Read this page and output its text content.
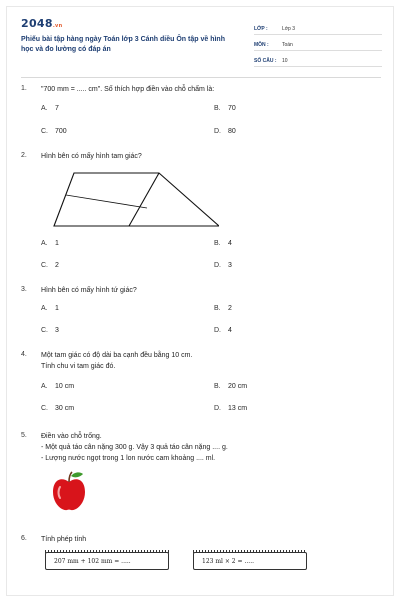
2048.vn
Phiếu bài tập hàng ngày Toán lớp 3 Cánh diều Ôn tập về hình học và đo lường có đáp án
LỚP :	Lớp 3
MÔN :	Toán
SỐ CÂU :	10
1. "700 mm = ..... cm". Số thích hợp điền vào chỗ chấm là:
A. 7	B. 70
C. 700	D. 80
2. Hình bên có mấy hình tam giác?
A. 1	B. 4
C. 2	D. 3
3. Hình bên có mấy hình tứ giác?
A. 1	B. 2
C. 3	D. 4
4. Một tam giác có độ dài ba cạnh đều bằng 10 cm.
Tính chu vi tam giác đó.
A. 10 cm	B. 20 cm
C. 30 cm	D. 13 cm
5. Điền vào chỗ trống.
- Một quả táo cân nặng 300 g. Vậy 3 quả táo cân nặng .... g.
- Lượng nước ngọt trong 1 lon nước cam khoảng .... ml.
6. Tính phép tính
207 mm + 102 mm = .....	123 ml × 2 = .....
